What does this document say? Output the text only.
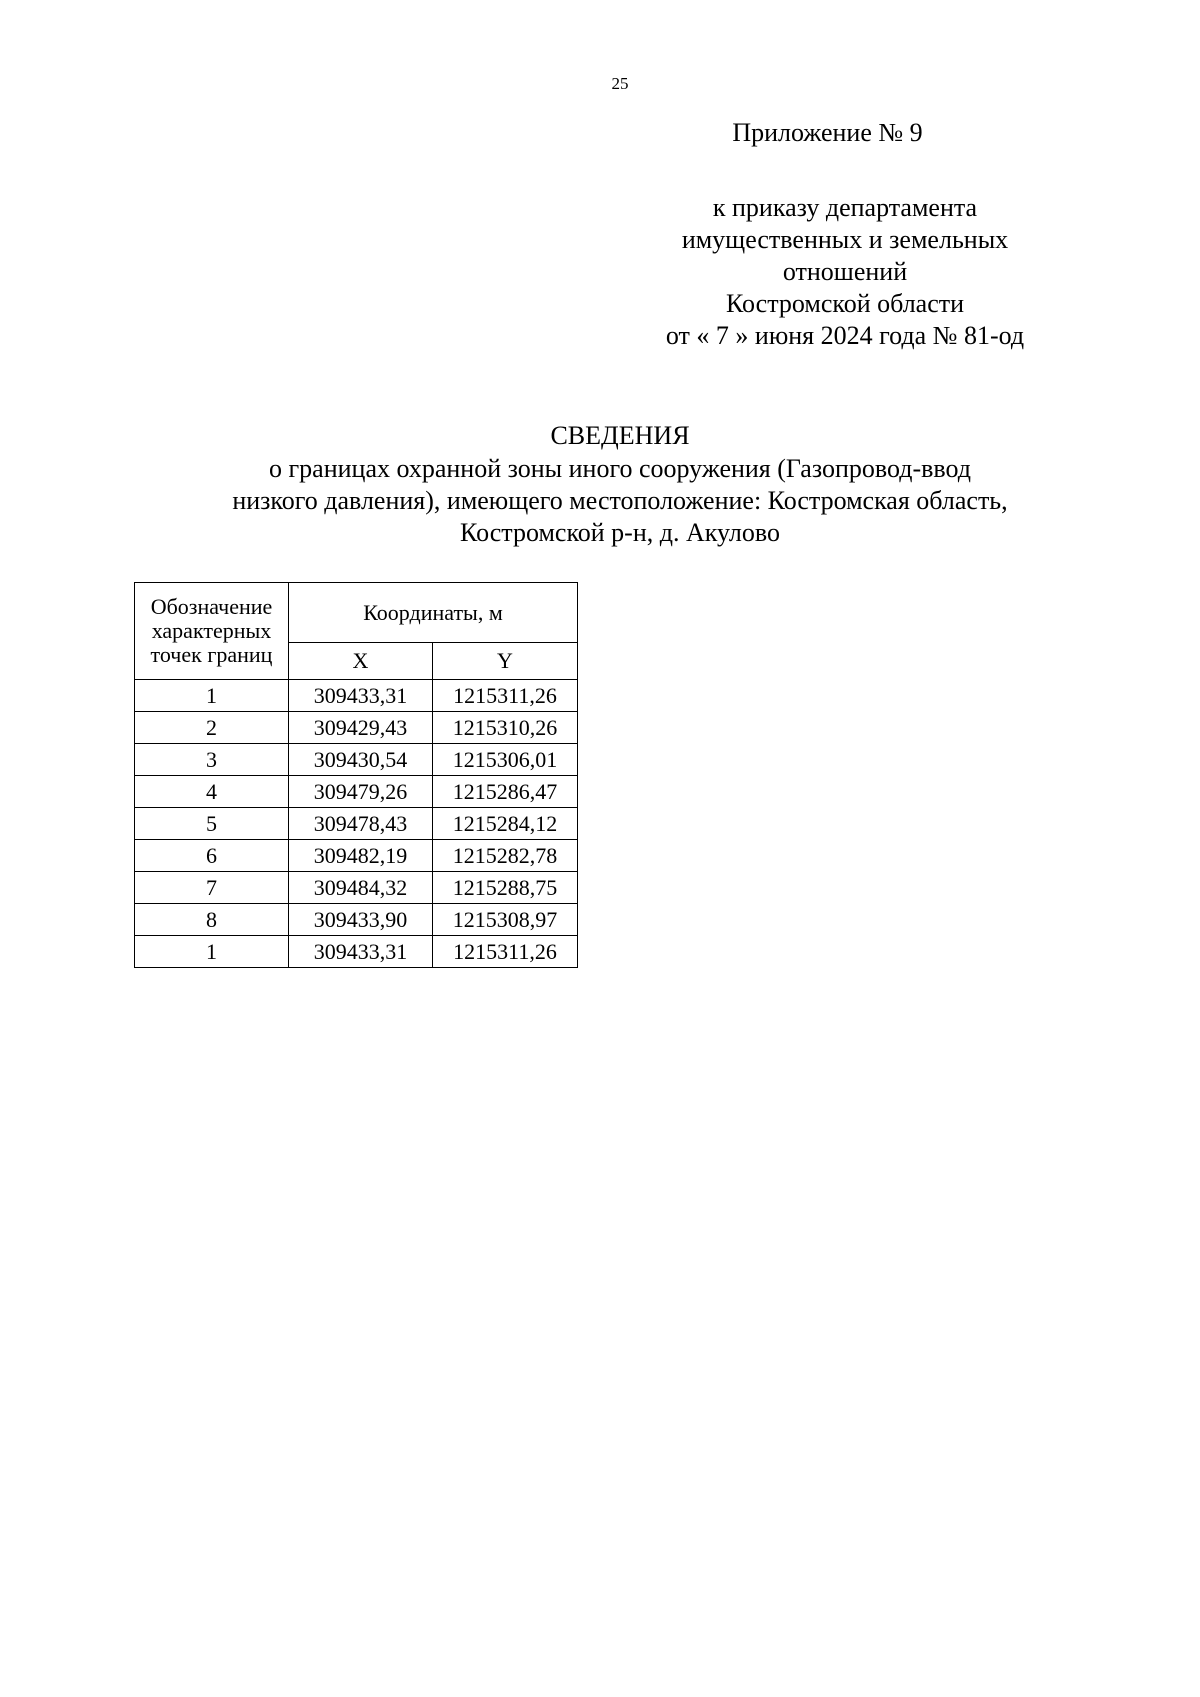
25
Приложение № 9
к приказу департамента
имущественных и земельных
отношений
Костромской области
от « 7 » июня 2024 года № 81-од
СВЕДЕНИЯ
о границах охранной зоны иного сооружения (Газопровод-ввод
низкого давления), имеющего местоположение: Костромская область,
Костромской р-н, д. Акулово
Обозначение характерных точек границ	Координаты, м	
	X	Y
1	309433,31	1215311,26
2	309429,43	1215310,26
3	309430,54	1215306,01
4	309479,26	1215286,47
5	309478,43	1215284,12
6	309482,19	1215282,78
7	309484,32	1215288,75
8	309433,90	1215308,97
1	309433,31	1215311,26
